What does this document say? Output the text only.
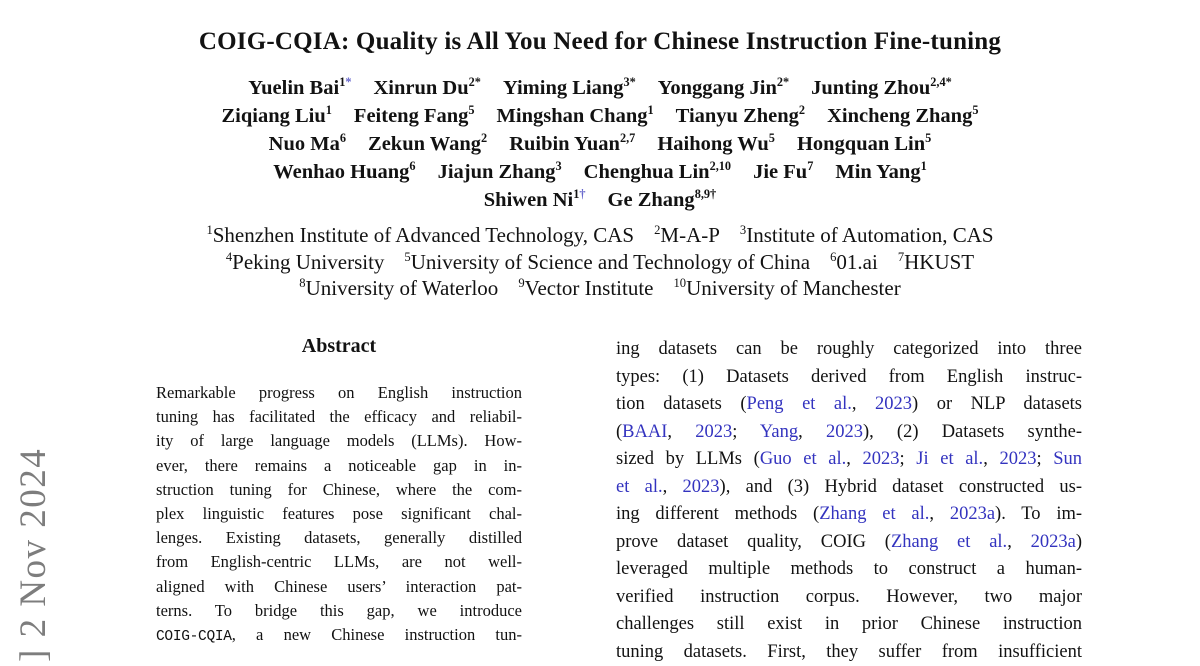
] 2 Nov 2024
COIG-CQIA: Quality is All You Need for Chinese Instruction Fine-tuning
Yuelin Bai$^{1*}$ Xinrun $Du^{2*}$ Yiming Liang$^{3*}$ Yonggang Jin$^{2*}$ Junting Zhou$^{2,4*}$
Ziqiang Liu$^1$ Feiteng Fang$^5$ Mingshan Chang$^1$ Tianyu Zheng$^2$ Xincheng Zhang$^5$
Nuo Ma$^6$ Zekun Wang$^2$ Ruibin Yuan$^{2,7}$ Haihong Wu$^5$ Hongquan Lin$^5$
Wenhao Huang$^6$ Jiajun Zhang$^3$ Chenghua Lin$^{2,10}$ Jie Fu$^7$ Min Yang$^1$
Shiwen $Ni^{1\dagger}$ Ge Zhang$^{8,9\dagger}$
$^1$Shenzhen Institute of Advanced Technology, CAS $^2$M-A-P $^3$Institute of Automation, CAS
$^4$Peking University $^5$University of Science and Technology of China $^6$01.ai $^7$HKUST
$^8$University of Waterloo $^9$Vector Institute $^{10}$University of Manchester
Abstract
Remarkable progress on English instruction
tuning has facilitated the efficacy and reliabil-
ity of large language models (LLMs). How-
ever, there remains a noticeable gap in in-
struction tuning for Chinese, where the com-
plex linguistic features pose significant chal-
lenges. Existing datasets, generally distilled
from English-centric LLMs, are not well-
aligned with Chinese users’ interaction pat-
terns. To bridge this gap, we introduce
COIG-CQIA, a new Chinese instruction tun-
ing datasets can be roughly categorized into three
types: (1) Datasets derived from English instruc-
tion datasets (Peng et al., 2023) or NLP datasets
(BAAI, 2023; Yang, 2023), (2) Datasets synthe-
sized by LLMs (Guo et al., 2023; Ji et al., 2023; Sun
et al., 2023), and (3) Hybrid dataset constructed us-
ing different methods (Zhang et al., 2023a). To im-
prove dataset quality, COIG (Zhang et al., 2023a)
leveraged multiple methods to construct a human-
verified instruction corpus. However, two major
challenges still exist in prior Chinese instruction
tuning datasets. First, they suffer from insufficient
